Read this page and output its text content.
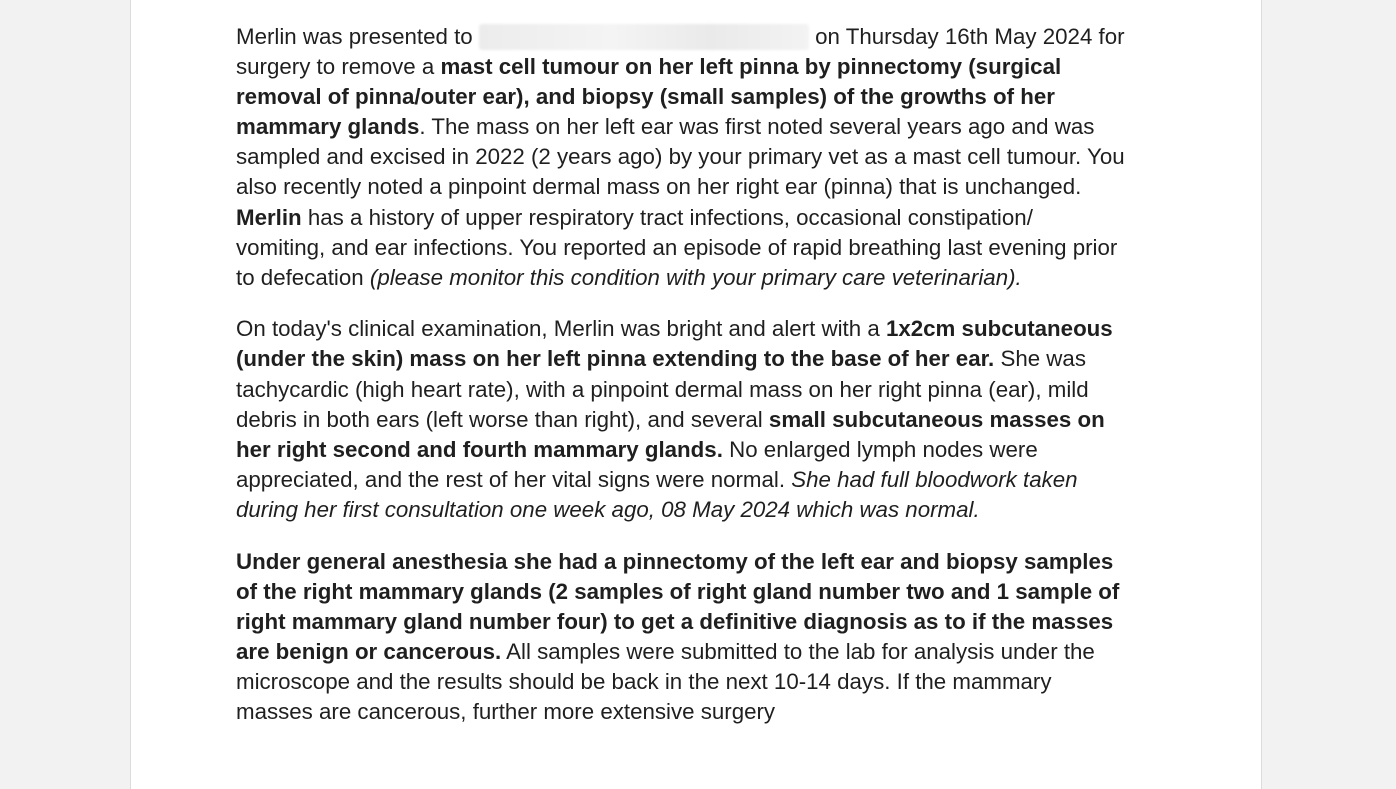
Merlin was presented to	on Thursday 16th May 2024 for surgery to remove a mast cell tumour on her left pinna by pinnectomy (surgical removal of pinna/outer ear), and biopsy (small samples) of the growths of her mammary glands. The mass on her left ear was first noted several years ago and was sampled and excised in 2022 (2 years ago) by your primary vet as a mast cell tumour. You also recently noted a pinpoint dermal mass on her right ear (pinna) that is unchanged. Merlin has a history of upper respiratory tract infections, occasional constipation/ vomiting, and ear infections. You reported an episode of rapid breathing last evening prior to defecation (please monitor this condition with your primary care veterinarian).

On today's clinical examination, Merlin was bright and alert with a 1x2cm subcutaneous (under the skin) mass on her left pinna extending to the base of her ear. She was tachycardic (high heart rate), with a pinpoint dermal mass on her right pinna (ear), mild debris in both ears (left worse than right), and several small subcutaneous masses on her right second and fourth mammary glands. No enlarged lymph nodes were appreciated, and the rest of her vital signs were normal. She had full bloodwork taken during her first consultation one week ago, 08 May 2024 which was normal.

Under general anesthesia she had a pinnectomy of the left ear and biopsy samples of the right mammary glands (2 samples of right gland number two and 1 sample of right mammary gland number four) to get a definitive diagnosis as to if the masses are benign or cancerous. All samples were submitted to the lab for analysis under the microscope and the results should be back in the next 10-14 days. If the mammary masses are cancerous, further more extensive surgery
